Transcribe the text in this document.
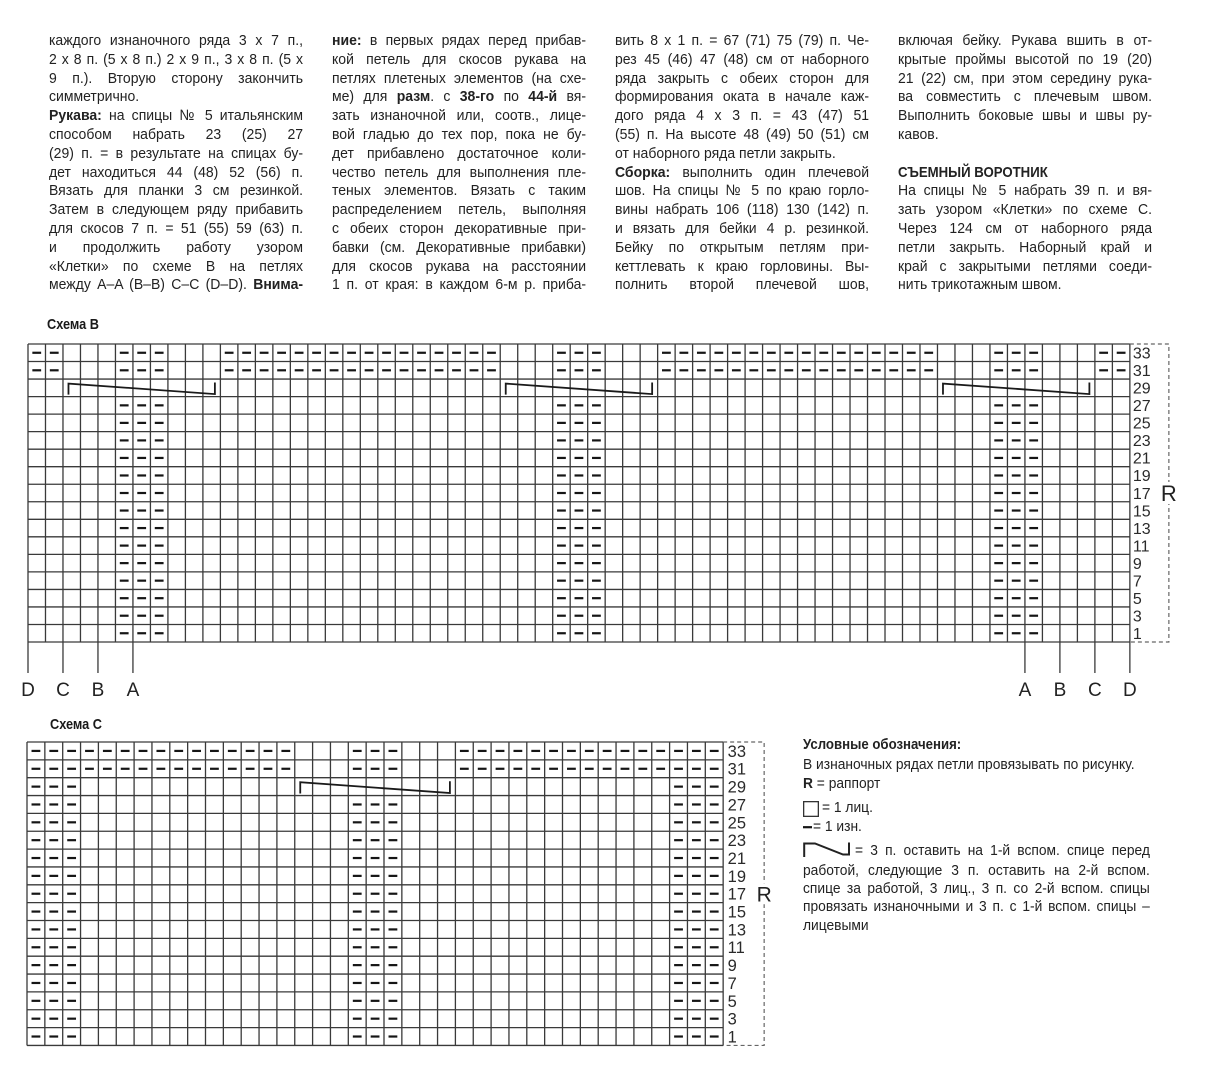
каждого изнаночного ряда 3 х 7 п.,
2 х 8 п. (5 х 8 п.) 2 х 9 п., 3 х 8 п. (5 х
9 п.). Вторую сторону закончить
симметрично.
Рукава: на спицы № 5 итальянским
способом набрать 23 (25) 27
(29) п. = в результате на спицах бу-
дет находиться 44 (48) 52 (56) п.
Вязать для планки 3 см резинкой.
Затем в следующем ряду прибавить
для скосов 7 п. = 51 (55) 59 (63) п.
и продолжить работу узором
«Клетки» по схеме В на петлях
между A–A (B–B) C–C (D–D). Внима-
ние: в первых рядах перед прибав-
кой петель для скосов рукава на
петлях плетеных элементов (на схе-
ме) для разм. с 38-го по 44-й вя-
зать изнаночной или, соотв., лице-
вой гладью до тех пор, пока не бу-
дет прибавлено достаточное коли-
чество петель для выполнения пле-
теных элементов. Вязать с таким
распределением петель, выполняя
с обеих сторон декоративные при-
бавки (см. Декоративные прибавки)
для скосов рукава на расстоянии
1 п. от края: в каждом 6-м р. приба-
вить 8 х 1 п. = 67 (71) 75 (79) п. Че-
рез 45 (46) 47 (48) см от наборного
ряда закрыть с обеих сторон для
формирования оката в начале каж-
дого ряда 4 х 3 п. = 43 (47) 51
(55) п. На высоте 48 (49) 50 (51) см
от наборного ряда петли закрыть.
Сборка: выполнить один плечевой
шов. На спицы № 5 по краю горло-
вины набрать 106 (118) 130 (142) п.
и вязать для бейки 4 р. резинкой.
Бейку по открытым петлям при-
кеттлевать к краю горловины. Вы-
полнить второй плечевой шов,
включая бейку. Рукава вшить в от-
крытые проймы высотой по 19 (20)
21 (22) см, при этом середину рука-
ва совместить с плечевым швом.
Выполнить боковые швы и швы ру-
кавов.
СЪЕМНЫЙ ВОРОТНИК
На спицы № 5 набрать 39 п. и вя-
зать узором «Клетки» по схеме С.
Через 124 см от наборного ряда
петли закрыть. Наборный край и
край с закрытыми петлями соеди-
нить трикотажным швом.
Схема В
33
31
29
27
25
23
21
19
17
15
13
11
9
7
5
3
1
R
D C B A	A B C D
Схема С
33
31
29
27
25
23
21
19
17
15
13
11
9
7
5
3
1
R
Условные обозначения:
В изнаночных рядах петли провязывать по рисунку.
R = раппорт
= 1 лиц.
= 1 изн.
= 3 п. оставить на 1-й вспом. спице перед
работой, следующие 3 п. оставить на 2-й вспом.
спице за работой, 3 лиц., 3 п. со 2-й вспом. спицы
провязать изнаночными и 3 п. с 1-й вспом. спицы –
лицевыми
